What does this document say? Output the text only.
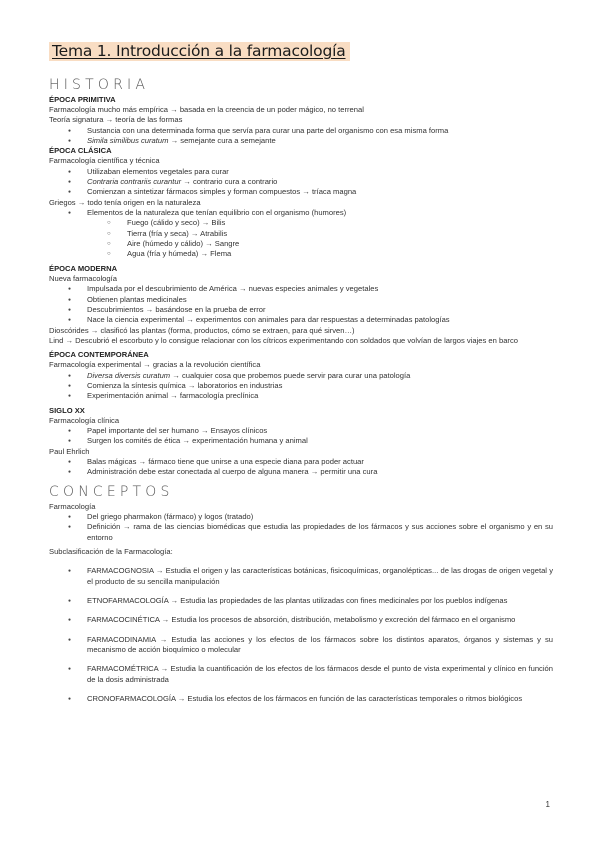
Tema 1. Introducción a la farmacología
HISTORIA
ÉPOCA PRIMITIVA
Farmacología mucho más empírica → basada en la creencia de un poder mágico, no terrenal
Teoría signatura → teoría de las formas
● Sustancia con una determinada forma que servía para curar una parte del organismo con esa misma forma
● Simila similibus curatum → semejante cura a semejante
ÉPOCA CLÁSICA
Farmacología científica y técnica
● Utilizaban elementos vegetales para curar
● Contraria contrariis curantur → contrario cura a contrario
● Comienzan a sintetizar fármacos simples y forman compuestos → tríaca magna
Griegos → todo tenía origen en la naturaleza
● Elementos de la naturaleza que tenían equilibrio con el organismo (humores)
○ Fuego (cálido y seco) → Bilis
○ Tierra (fría y seca) → Atrabilis
○ Aire (húmedo y cálido) → Sangre
○ Agua (fría y húmeda) → Flema
ÉPOCA MODERNA
Nueva farmacología
● Impulsada por el descubrimiento de América → nuevas especies animales y vegetales
● Obtienen plantas medicinales
● Descubrimientos → basándose en la prueba de error
● Nace la ciencia experimental → experimentos con animales para dar respuestas a determinadas patologías
Dioscórides → clasificó las plantas (forma, productos, cómo se extraen, para qué sirven…)
Lind → Descubrió el escorbuto y lo consigue relacionar con los cítricos experimentando con soldados que volvían de largos viajes en barco
ÉPOCA CONTEMPORÁNEA
Farmacología experimental → gracias a la revolución científica
● Diversa diversis curatum → cualquier cosa que probemos puede servir para curar una patología
● Comienza la síntesis química → laboratorios en industrias
● Experimentación animal → farmacología preclínica
SIGLO XX
Farmacología clínica
● Papel importante del ser humano → Ensayos clínicos
● Surgen los comités de ética → experimentación humana y animal
Paul Ehrlich
● Balas mágicas → fármaco tiene que unirse a una especie diana para poder actuar
● Administración debe estar conectada al cuerpo de alguna manera → permitir una cura
CONCEPTOS
Farmacología
● Del griego pharmakon (fármaco) y logos (tratado)
● Definición → rama de las ciencias biomédicas que estudia las propiedades de los fármacos y sus acciones sobre el organismo y en su entorno
Subclasificación de la Farmacología:
● FARMACOGNOSIA → Estudia el origen y las características botánicas, fisicoquímicas, organolépticas... de las drogas de origen vegetal y el producto de su sencilla manipulación
● ETNOFARMACOLOGÍA → Estudia las propiedades de las plantas utilizadas con fines medicinales por los pueblos indígenas
● FARMACOCINÉTICA → Estudia los procesos de absorción, distribución, metabolismo y excreción del fármaco en el organismo
● FARMACODINAMIA → Estudia las acciones y los efectos de los fármacos sobre los distintos aparatos, órganos y sistemas y su mecanismo de acción bioquímico o molecular
● FARMACOMÉTRICA → Estudia la cuantificación de los efectos de los fármacos desde el punto de vista experimental y clínico en función de la dosis administrada
● CRONOFARMACOLOGÍA → Estudia los efectos de los fármacos en función de las características temporales o ritmos biológicos
1
